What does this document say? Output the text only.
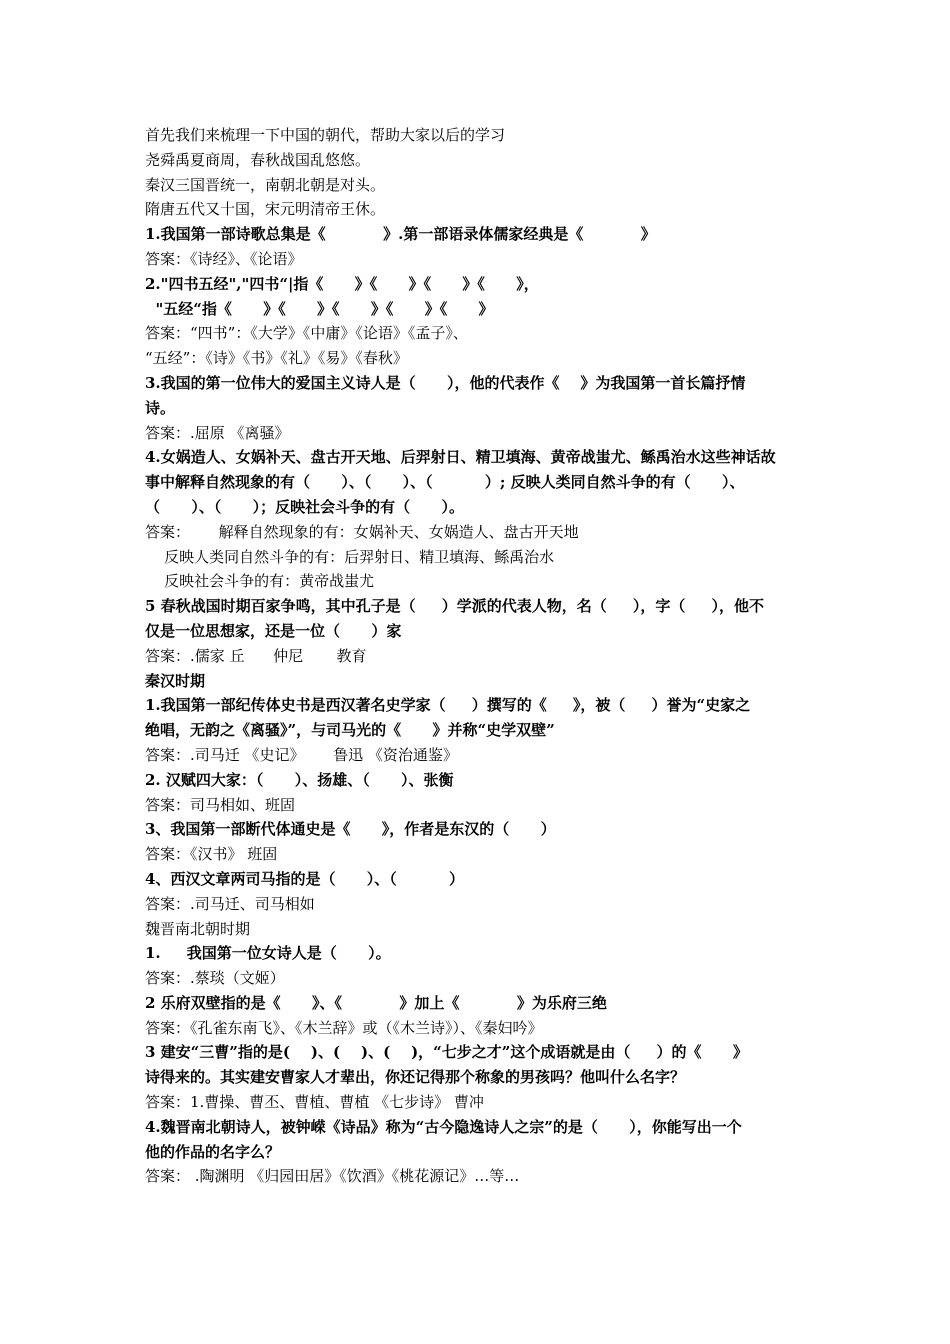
首先我们来梳理一下中国的朝代，帮助大家以后的学习

尧舜禹夏商周，春秋战国乱悠悠。

秦汉三国晋统一，南朝北朝是对头。

隋唐五代又十国，宋元明清帝王休。

1.我国第一部诗歌总集是《           》.第一部语录体儒家经典是《           》

答案：《诗经》、《论语》

2."四书五经","四书“|指《      》《      》《      》《      》，

"五经“指《      》《      》《      》《      》《      》

答案：“四书”：《大学》《中庸》《论语》《孟子》、

“五经”：《诗》《书》《礼》《易》《春秋》

3.我国的第一位伟大的爱国主义诗人是（      ），他的代表作《    》为我国第一首长篇抒情

诗。

答案：.屈原 《离骚》

4.女娲造人、女娲补天、盘古开天地、后羿射日、精卫填海、黄帝战蚩尤、鲧禹治水这些神话故

事中解释自然现象的有（      ）、（      ）、（          ）; 反映人类同自然斗争的有（      ）、

（      ）、（      ）；反映社会斗争的有（      ）。

答案：      解释自然现象的有：女娲补天、女娲造人、盘古开天地

反映人类同自然斗争的有：后羿射日、精卫填海、鲧禹治水

反映社会斗争的有：黄帝战蚩尤

5 春秋战国时期百家争鸣，其中孔子是（     ）学派的代表人物，名（     ），字（     ），他不

仅是一位思想家，还是一位（      ）家

答案：.儒家 丘      仲尼       教育

秦汉时期

1.我国第一部纪传体史书是西汉著名史学家（     ）撰写的《     》，被（     ）誉为“史家之

绝唱，无韵之《离骚》”，与司马光的《      》并称“史学双壁”

答案：.司马迁 《史记》      鲁迅 《资治通鉴》

2. 汉赋四大家：（      ）、扬雄、（      ）、张衡

答案：司马相如、班固

3、我国第一部断代体通史是《      》，作者是东汉的（      ）

答案：《汉书》 班固

4、西汉文章两司马指的是（      ）、（          ）

答案：.司马迁、司马相如

魏晋南北朝时期

1.     我国第一位女诗人是（      ）。

答案：.蔡琰（文姬）

2 乐府双壁指的是《      》、《           》加上《           》为乐府三绝

答案：《孔雀东南飞》、《木兰辞》或（《木兰诗》）、《秦妇吟》

3 建安“三曹”指的是(    )、(    )、(    )，“七步之才”这个成语就是由（     ）的《      》

诗得来的。其实建安曹家人才辈出，你还记得那个称象的男孩吗？他叫什么名字？

答案：1.曹操、曹丕、曹植、曹植 《七步诗》 曹冲

4.魏晋南北朝诗人，被钟嵘《诗品》称为“古今隐逸诗人之宗”的是（      ），你能写出一个

他的作品的名字么？

答案： .陶渊明 《归园田居》《饮酒》《桃花源记》…等…
